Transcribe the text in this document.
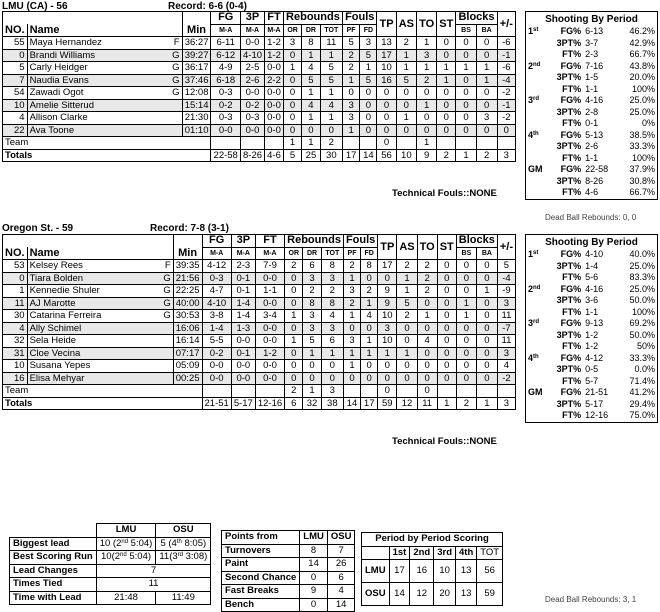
LMU (CA) - 56	Record: 6-6 (0-4)
			FG	3P	FT	Rebounds			Fouls		TP	AS	TO	ST	Blocks		+/-
NO.	Name	Min	M-A	M-A	M-A	OR	DR	TOT	PF	FD					BS	BA	
55	Maya Hernandez F	36:27	6-11	0-0	1-2	3	8	11	5	3	13	2	1	0	0	0	-6
0	Brandi Williams G	39:27	6-12	4-10	1-2	0	1	1	2	5	17	1	3	0	0	0	-1
5	Carly Heidger G	36:17	4-9	2-5	0-0	1	4	5	2	1	10	1	1	1	1	1	-6
7	Naudia Evans G	37:46	6-18	2-6	2-2	0	5	5	1	5	16	5	2	1	0	1	-4
54	Zawadi Ogot G	12:08	0-3	0-0	0-0	0	1	1	0	0	0	0	0	0	0	0	-2
10	Amelie Sitterud	15:14	0-2	0-2	0-0	0	4	4	3	0	0	0	1	0	0	0	-1
4	Allison Clarke	21:30	0-3	0-3	0-0	0	1	1	3	0	0	1	0	0	0	3	-2
22	Ava Toone	01:10	0-0	0-0	0-0	0	0	0	1	0	0	0	0	0	0	0	0
Team						1	1	2			0		1				
Totals			22-58	8-26	4-6	5	25	30	17	14	56	10	9	2	1	2	3
Technical Fouls::NONE
Shooting By Period			
1st	FG%	6-13	46.2%
	3PT%	3-7	42.9%
	FT%	2-3	66.7%
2nd	FG%	7-16	43.8%
	3PT%	1-5	20.0%
	FT%	1-1	100%
3rd	FG%	4-16	25.0%
	3PT%	2-8	25.0%
	FT%	0-1	0%
4th	FG%	5-13	38.5%
	3PT%	2-6	33.3%
	FT%	1-1	100%
GM	FG%	22-58	37.9%
	3PT%	8-26	30.8%
	FT%	4-6	66.7%
Dead Ball Rebounds: 0, 0
Oregon St. - 59	Record: 7-8 (3-1)
			FG	3P	FT	Rebounds			Fouls		TP	AS	TO	ST	Blocks		+/-
NO.	Name	Min	M-A	M-A	M-A	OR	DR	TOT	PF	FD					BS	BA	
53	Kelsey Rees F	39:35	4-12	2-3	7-9	2	6	8	2	8	17	2	2	0	0	0	5
0	Tiara Bolden G	21:56	0-3	0-1	0-0	0	3	3	1	0	0	1	2	0	0	0	-4
1	Kennedie Shuler G	22:25	4-7	0-1	1-1	0	2	2	3	2	9	1	2	0	0	1	-9
11	AJ Marotte G	40:00	4-10	1-4	0-0	0	8	8	2	1	9	5	0	0	1	0	3
30	Catarina Ferreira G	30:53	3-8	1-4	3-4	1	3	4	1	4	10	2	1	0	1	0	11
4	Ally Schimel	16:06	1-4	1-3	0-0	0	3	3	0	0	3	0	0	0	0	0	-7
32	Sela Heide	16:14	5-5	0-0	0-0	1	5	6	3	1	10	0	4	0	0	0	11
31	Cloe Vecina	07:17	0-2	0-1	1-2	0	1	1	1	1	1	1	0	0	0	0	3
10	Susana Yepes	05:09	0-0	0-0	0-0	0	0	0	1	0	0	0	0	0	0	0	4
16	Elisa Mehyar	00:25	0-0	0-0	0-0	0	0	0	0	0	0	0	0	0	0	0	-2
Team						2	1	3			0		0				
Totals			21-51	5-17	12-16	6	32	38	14	17	59	12	11	1	2	1	3
Technical Fouls::NONE
Shooting By Period			
1st	FG%	4-10	40.0%
	3PT%	1-4	25.0%
	FT%	5-6	83.3%
2nd	FG%	4-16	25.0%
	3PT%	3-6	50.0%
	FT%	1-1	100%
3rd	FG%	9-13	69.2%
	3PT%	1-2	50.0%
	FT%	1-2	50%
4th	FG%	4-12	33.3%
	3PT%	0-5	0.0%
	FT%	5-7	71.4%
GM	FG%	21-51	41.2%
	3PT%	5-17	29.4%
	FT%	12-16	75.0%
Dead Ball Rebounds: 3, 1
	LMU	OSU
Biggest lead	10 (2nd 5:04)	5 (4th 8:05)
Best Scoring Run	10(2nd 5:04)	11(3rd 3:08)
Lead Changes	7	
Times Tied	11	
Time with Lead	21:48	11:49
Points from	LMU	OSU
Turnovers	8	7
Paint	14	26
Second Chance	0	6
Fast Breaks	9	4
Bench	0	14
Period by Period Scoring					
	1st	2nd	3rd	4th	TOT
LMU	17	16	10	13	56
OSU	14	12	20	13	59
